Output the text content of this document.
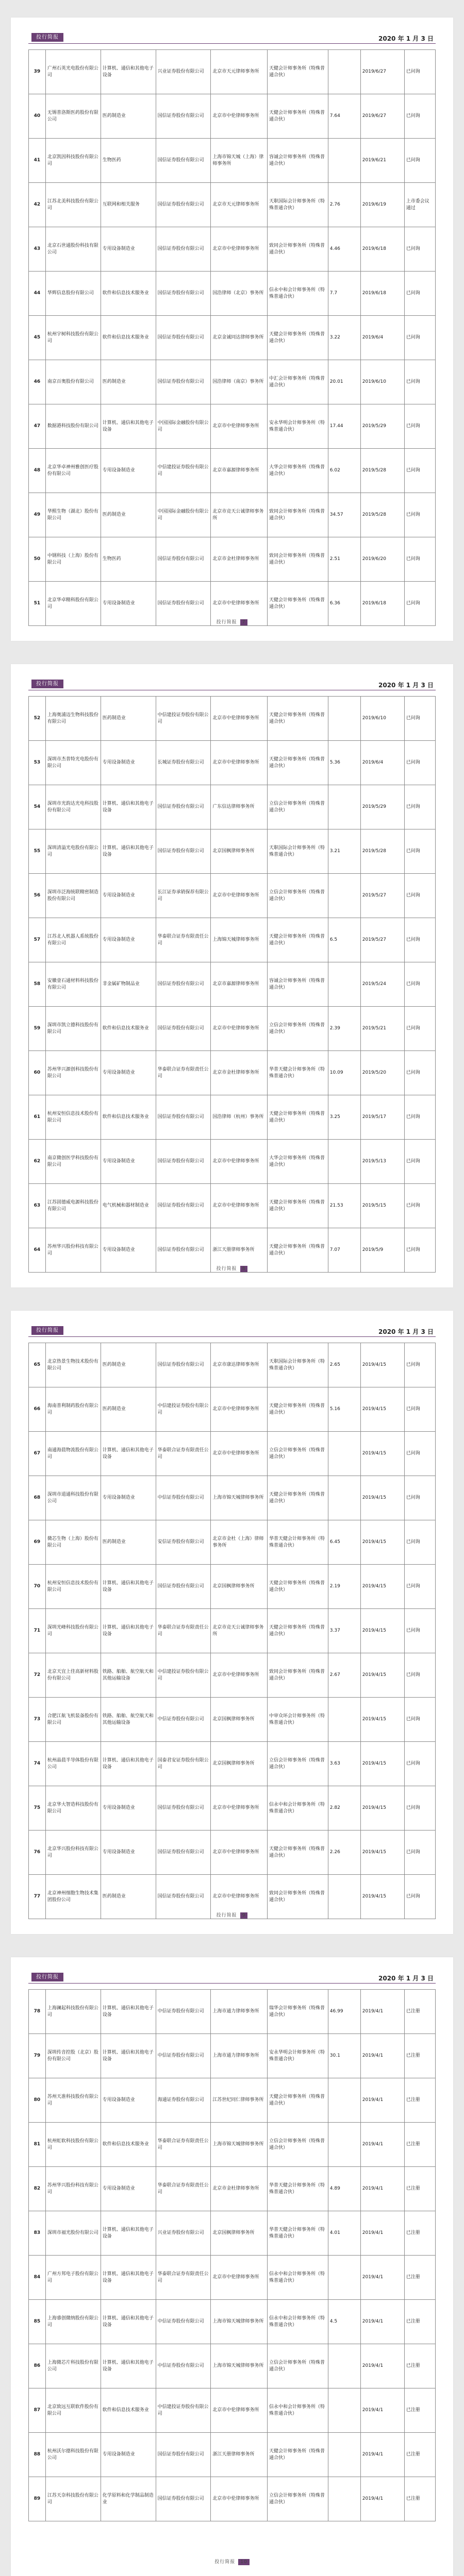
投行简报	2020 年 1 月 3 日
39	广州石英光电股份有限公司	计算机、通信和其他电子设备	兴业证券股份有限公司	北京市天元律师事务所	天健会计师事务所（特殊普通合伙）		2019/6/27	已问询
40	无锡普洛斯医药股份有限公司	医药制造业	国信证券股份有限公司	北京市中伦律师事务所	天健会计师事务所（特殊普通合伙）	7.64	2019/6/27	已问询
41	北京凯因科技股份有限公司	生物医药	国信证券股份有限公司	上海市锦天城（上海）律师事务所	容诚会计师事务所（特殊普通合伙）		2019/6/21	已问询
42	江苏北美科技股份有限公司	互联网和相关服务	国信证券股份有限公司	北京市天元律师事务所	天职国际会计师事务所（特殊普通合伙）	2.76	2019/6/19	上市委会议通过
43	北京石世通股份科技有限公司	专用设备制造业	国信证券股份有限公司	北京市中伦律师事务所	致同会计师事务所（特殊普通合伙）	4.46	2019/6/18	已问询
44	华辉信息股份有限公司	软件和信息技术服务业	国信证券股份有限公司	国浩律师（北京）事务所	信永中和会计师事务所（特殊普通合伙）	7.7	2019/6/18	已问询
45	杭州宇树科技股份有限公司	软件和信息技术服务业	国信证券股份有限公司	北京金诚同达律师事务所	天健会计师事务所（特殊普通合伙）	3.22	2019/6/4	已问询
46	南京百奥股份有限公司	医药制造业	国信证券股份有限公司	国浩律师（南京）事务所	中汇会计师事务所（特殊普通合伙）	20.01	2019/6/10	已问询
47	数据港科技股份有限公司	计算机、通信和其他电子设备	中国国际金融股份有限公司	北京市中伦律师事务所	安永华明会计师事务所（特殊普通合伙）	17.44	2019/5/29	已问询
48	北京华卓神州雅创医疗股份有限公司	专用设备制造业	中信建投证券股份有限公司	北京市嘉源律师事务所	大华会计师事务所（特殊普通合伙）	6.02	2019/5/28	已问询
49	华熙生物（湖北）股份有限公司	医药制造业	中国国际金融股份有限公司	北京市竞天公诚律师事务所	致同会计师事务所（特殊普通合伙）	34.57	2019/5/28	已问询
50	中钢科技（上海）股份有限公司	生物医药	国信证券股份有限公司	北京市金杜律师事务所	致同会计师事务所（特殊普通合伙）	2.51	2019/6/20	已问询
51	北京华卓精科股份有限公司	专用设备制造业	国信证券股份有限公司	北京市中伦律师事务所	天健会计师事务所（特殊普通合伙）	6.36	2019/6/18	已问询
投行简报 7
投行简报	2020 年 1 月 3 日
52	上海奥浦迈生物科技股份有限公司	医药制造业	中信建投证券股份有限公司	北京市中伦律师事务所	天健会计师事务所（特殊普通合伙）		2019/6/10	已问询
53	深圳市杰普特光电股份有限公司	专用设备制造业	长城证券股份有限公司	北京市中伦律师事务所	天健会计师事务所（特殊普通合伙）	5.36	2019/6/4	已问询
54	深圳市光韵达光电科技股份有限公司	计算机、通信和其他电子设备	国信证券股份有限公司	广东信达律师事务所	立信会计师事务所（特殊普通合伙）		2019/5/29	已问询
55	深圳清溢光电股份有限公司	计算机、通信和其他电子设备	国信证券股份有限公司	北京国枫律师事务所	天职国际会计师事务所（特殊普通合伙）	3.21	2019/5/28	已问询
56	深圳市泛海统联精密制造股份有限公司	专用设备制造业	长江证券承销保荐有限公司	北京市中伦律师事务所	立信会计师事务所（特殊普通合伙）		2019/5/27	已问询
57	江苏北人机器人系统股份有限公司	专用设备制造业	华泰联合证券有限责任公司	上海锦天城律师事务所	天健会计师事务所（特殊普通合伙）	6.5	2019/5/27	已问询
58	安徽壹石通材料科技股份有限公司	非金属矿物制品业	国信证券股份有限公司	北京市嘉源律师事务所	容诚会计师事务所（特殊普通合伙）		2019/5/24	已问询
59	深圳市凯立德科技股份有限公司	软件和信息技术服务业	国信证券股份有限公司	北京市中伦律师事务所	立信会计师事务所（特殊普通合伙）	2.39	2019/5/21	已问询
60	苏州华兴源创科技股份有限公司	专用设备制造业	华泰联合证券有限责任公司	北京市金杜律师事务所	华普天健会计师事务所（特殊普通合伙）	10.09	2019/5/20	已问询
61	杭州安恒信息技术股份有限公司	软件和信息技术服务业	国信证券股份有限公司	国浩律师（杭州）事务所	天健会计师事务所（特殊普通合伙）	3.25	2019/5/17	已问询
62	南京微创医学科技股份有限公司	专用设备制造业	国信证券股份有限公司	北京市中伦律师事务所	大华会计师事务所（特殊普通合伙）		2019/5/13	已问询
63	江苏固德威电源科技股份有限公司	电气机械和器材制造业	国信证券股份有限公司	北京市中伦律师事务所	天健会计师事务所（特殊普通合伙）	21.53	2019/5/15	已问询
64	苏州华兴股份科技有限公司	专用设备制造业	国信证券股份有限公司	浙江天册律师事务所	天健会计师事务所（特殊普通合伙）	7.07	2019/5/9	已问询
投行简报 8
投行简报	2020 年 1 月 3 日
65	北京热景生物技术股份有限公司	医药制造业	国信证券股份有限公司	北京市康达律师事务所	天职国际会计师事务所（特殊普通合伙）	2.65	2019/4/15	已问询
66	海南普利制药股份有限公司	医药制造业	中信建投证券股份有限公司	北京市中伦律师事务所	天健会计师事务所（特殊普通合伙）	5.16	2019/4/15	已问询
67	南通海晨物流股份有限公司	计算机、通信和其他电子设备	华泰联合证券有限责任公司	北京市中伦律师事务所	立信会计师事务所（特殊普通合伙）		2019/4/15	已问询
68	深圳市道通科技股份有限公司	专用设备制造业	中信证券股份有限公司	上海市锦天城律师事务所	天健会计师事务所（特殊普通合伙）		2019/4/15	已问询
69	微芯生物（上海）股份有限公司	医药制造业	安信证券股份有限公司	北京市金杜（上海）律师事务所	华普天健会计师事务所（特殊普通合伙）	6.45	2019/4/15	已问询
70	杭州安恒信息技术股份有限公司	计算机、通信和其他电子设备	国信证券股份有限公司	北京国枫律师事务所	天健会计师事务所（特殊普通合伙）	2.19	2019/4/15	已问询
71	深圳光峰科技股份有限公司	计算机、通信和其他电子设备	华泰联合证券有限责任公司	北京市竞天公诚律师事务所	天健会计师事务所（特殊普通合伙）	3.37	2019/4/15	已问询
72	北京天宜上佳高新材料股份有限公司	铁路、船舶、航空航天和其他运输设备	中信建投证券股份有限公司	北京市中伦律师事务所	致同会计师事务所（特殊普通合伙）	2.67	2019/4/15	已问询
73	合肥江航飞机装备股份有限公司	铁路、船舶、航空航天和其他运输设备	中信证券股份有限公司	北京国枫律师事务所	中审众环会计师事务所（特殊普通合伙）		2019/4/15	已问询
74	杭州晶晨半导体股份有限公司	计算机、通信和其他电子设备	国泰君安证券股份有限公司	北京国枫律师事务所	立信会计师事务所（特殊普通合伙）	3.63	2019/4/15	已问询
75	北京华大智造科技股份有限公司	专用设备制造业	国信证券股份有限公司	北京市中伦律师事务所	信永中和会计师事务所（特殊普通合伙）	2.82	2019/4/15	已问询
76	北京华兴股份科技有限公司	专用设备制造业	国信证券股份有限公司	北京市中伦律师事务所	天健会计师事务所（特殊普通合伙）	2.26	2019/4/15	已问询
77	北京神州细胞生物技术集团股份公司	医药制造业	国信证券股份有限公司	北京市中伦律师事务所	致同会计师事务所（特殊普通合伙）		2019/4/15	已问询
投行简报 9
投行简报	2020 年 1 月 3 日
78	上海澜起科技股份有限公司	计算机、通信和其他电子设备	中信证券股份有限公司	上海市通力律师事务所	瑞华会计师事务所（特殊普通合伙）	46.99	2019/4/1	已注册
79	深圳传音控股（北京）股份有限公司	计算机、通信和其他电子设备	中信证券股份有限公司	上海市通力律师事务所	安永华明会计师事务所（特殊普通合伙）	30.1	2019/4/1	已注册
80	苏州天准科技股份有限公司	专用设备制造业	海通证券股份有限公司	江苏世纪同仁律师事务所	天健会计师事务所（特殊普通合伙）		2019/4/1	已注册
81	杭州虹软科技股份有限公司	软件和信息技术服务业	华泰联合证券有限责任公司	上海市锦天城律师事务所	立信会计师事务所（特殊普通合伙）		2019/4/1	已注册
82	苏州华兴股份科技有限公司	专用设备制造业	华泰联合证券有限责任公司	北京市金杜律师事务所	华普天健会计师事务所（特殊普通合伙）	4.89	2019/4/1	已注册
83	深圳市福光股份有限公司	计算机、通信和其他电子设备	兴业证券股份有限公司	北京国枫律师事务所	华普天健会计师事务所（特殊普通合伙）	4.01	2019/4/1	已注册
84	广州方邦电子股份有限公司	计算机、通信和其他电子设备	华泰联合证券有限责任公司	北京市中伦律师事务所	信永中和会计师事务所（特殊普通合伙）		2019/4/1	已注册
85	上海睿创微纳股份有限公司	计算机、通信和其他电子设备	中信证券股份有限公司	上海市锦天城律师事务所	信永中和会计师事务所（特殊普通合伙）	4.5	2019/4/1	已注册
86	上海微芯片科技股份有限公司	计算机、通信和其他电子设备	中信证券股份有限公司	上海市锦天城律师事务所	立信会计师事务所（特殊普通合伙）		2019/4/1	已注册
87	北京致远互联软件股份有限公司	软件和信息技术服务业	中信建投证券股份有限公司	北京市中伦律师事务所	信永中和会计师事务所（特殊普通合伙）		2019/4/1	已注册
88	杭州沃尔德科技股份有限公司	专用设备制造业	国信证券股份有限公司	浙江天册律师事务所	天健会计师事务所（特殊普通合伙）		2019/4/1	已注册
89	江苏天奈科技股份有限公司	化学原料和化学制品制造业	国信证券股份有限公司	北京市中伦律师事务所	立信会计师事务所（特殊普通合伙）		2019/4/1	已注册
投行简报 10
